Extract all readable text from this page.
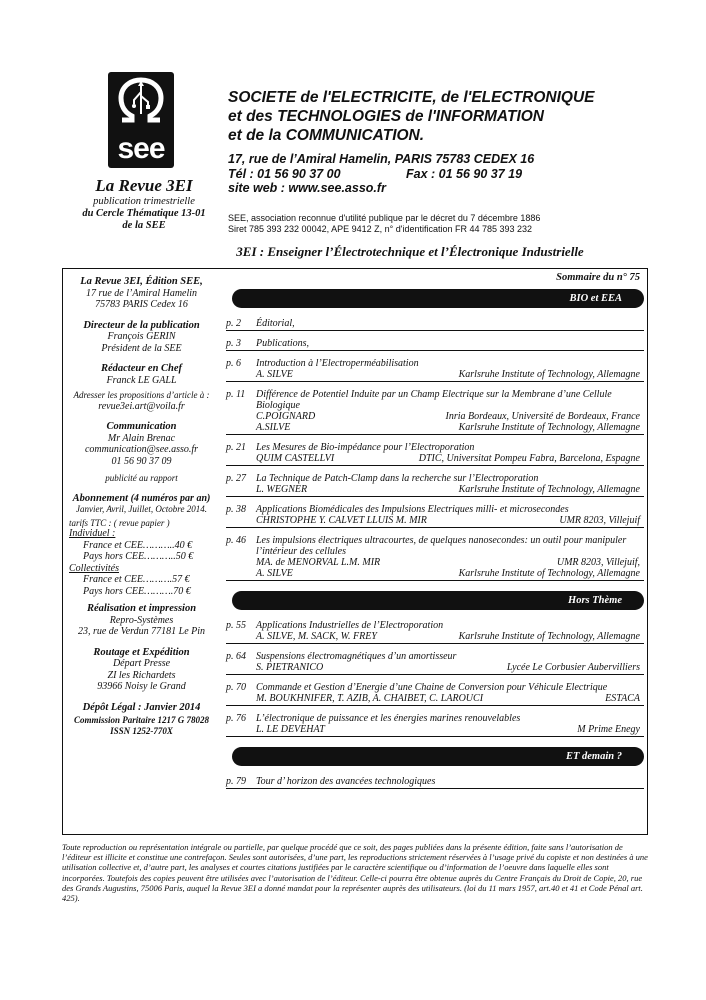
see
SOCIETE de l'ELECTRICITE, de l'ELECTRONIQUE
et des TECHNOLOGIES de l'INFORMATION
et de la COMMUNICATION.
17, rue de l’Amiral Hamelin, PARIS 75783 CEDEX 16
Tél : 01 56 90 37 00	Fax : 01 56 90 37 19
site web : www.see.asso.fr
SEE, association reconnue d'utilité publique par le décret du 7 décembre 1886
Siret 785 393 232 00042, APE 9412 Z, n° d'identification FR 44 785 393 232
La Revue 3EI
publication trimestrielle
du Cercle Thématique 13-01
de la SEE
3EI : Enseigner l’Électrotechnique et l’Électronique Industrielle
La Revue 3EI, Édition SEE,
17 rue de l’Amiral Hamelin
75783 PARIS Cedex 16
Directeur de la publication
François GERIN
Président de la SEE
Rédacteur en Chef
Franck LE GALL
Adresser les propositions d’article à :
revue3ei.art@voila.fr
Communication
Mr Alain Brenac
communication@see.asso.fr
01 56 90 37 09
publicité au rapport
Abonnement (4 numéros par an)
Janvier, Avril, Juillet, Octobre 2014.
tarifs TTC : ( revue papier )
Individuel :
France et CEE………..40 €
Pays hors CEE………..50 €
Collectivités
France et CEE……….57 €
Pays hors CEE……….70 €
Réalisation et impression
Repro-Systèmes
23, rue de Verdun 77181 Le Pin
Routage et Expédition
Départ Presse
ZI les Richardets
93966 Noisy le Grand
Dépôt Légal : Janvier 2014
Commission Paritaire 1217 G 78028
ISSN 1252-770X
Sommaire du n° 75
BIO et EEA
p. 2	Éditorial,
p. 3	Publications,
p. 6	Introduction à l’Electroperméabilisation
A. SILVE	Karlsruhe Institute of Technology, Allemagne
p. 11	Différence de Potentiel Induite par un Champ Electrique sur la Membrane d’une Cellule Biologique
C.POIGNARD	Inria Bordeaux, Université de Bordeaux, France
A.SILVE	Karlsruhe Institute of Technology, Allemagne
p. 21	Les Mesures de Bio-impédance pour l’Electroporation
QUIM CASTELLVI	DTIC, Universitat Pompeu Fabra, Barcelona, Espagne
p. 27	La Technique de Patch-Clamp dans la recherche sur l’Electroporation
L. WEGNER	Karlsruhe Institute of Technology, Allemagne
p. 38	Applications Biomédicales des Impulsions Electriques milli- et microsecondes
CHRISTOPHE Y. CALVET LLUIS M. MIR	UMR 8203, Villejuif
p. 46	Les impulsions électriques ultracourtes, de quelques nanosecondes: un outil pour manipuler l’intérieur des cellules
MA. de MENORVAL L.M. MIR	UMR 8203, Villejuif,
A. SILVE	Karlsruhe Institute of Technology, Allemagne
Hors Thème
p. 55	Applications Industrielles de l’Electroporation
A. SILVE, M. SACK, W. FREY	Karlsruhe Institute of Technology, Allemagne
p. 64	Suspensions électromagnétiques d’un amortisseur
S. PIETRANICO	Lycée Le Corbusier Aubervilliers
p. 70	Commande et Gestion d’Energie d’une Chaine de Conversion pour Véhicule Electrique
M. BOUKHNIFER, T. AZIB, A. CHAIBET, C. LAROUCI	ESTACA
p. 76	L’électronique de puissance et les énergies marines renouvelables
L. LE DEVEHAT	M Prime Enegy
ET demain ?
p. 79	Tour d’ horizon des avancées technologiques
Toute reproduction ou représentation intégrale ou partielle, par quelque procédé que ce soit, des pages publiées dans la présente édition, faite sans l’autorisation de l’éditeur est illicite et constitue une contrefaçon. Seules sont autorisées, d’une part, les reproductions strictement réservées à l’usage privé du copiste et non destinées à une utilisation collective et, d’autre part, les analyses et courtes citations justifiées par le caractère scientifique ou d’information de l’oeuvre dans laquelle elles sont incorporées. Toutefois des copies peuvent être utilisées avec l’autorisation de l’éditeur. Celle-ci pourra être obtenue auprès du Centre Français du Droit de Copie, 20, rue des Grands Augustins, 75006 Paris, auquel la Revue 3EI a donné mandat pour la représenter auprès des utilisateurs. (loi du 11 mars 1957, art.40 et 41 et Code Pénal art. 425).
